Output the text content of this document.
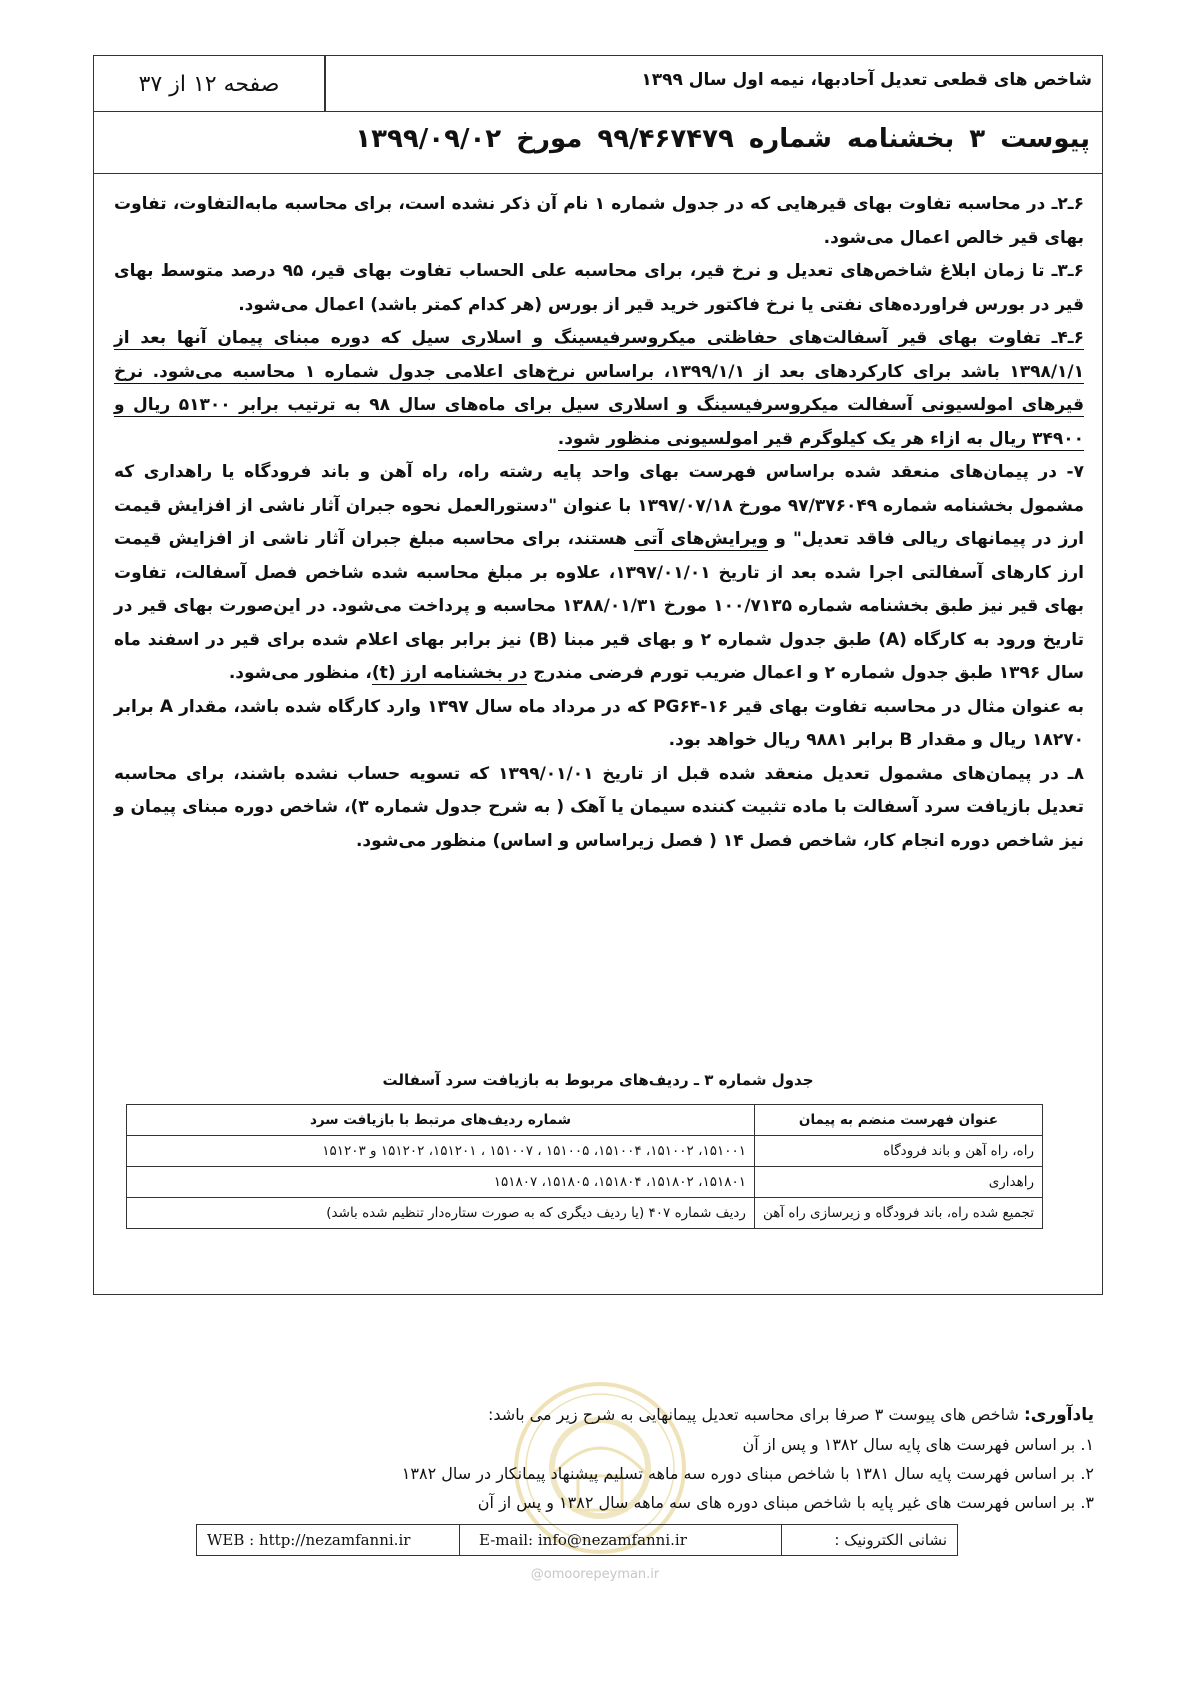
شاخص های قطعی تعدیل آحادبها، نیمه اول سال ۱۳۹۹
صفحه ۱۲ از ۳۷
پیوست ۳ بخشنامه شماره ۹۹/۴۶۷۴۷۹ مورخ ۱۳۹۹/۰۹/۰۲

۶ـ۲ـ در محاسبه تفاوت بهای قیرهایی که در جدول شماره ۱ نام آن ذکر نشده است، برای محاسبه مابه‌التفاوت، تفاوت بهای قیر خالص اعمال می‌شود.

۶ـ۳ـ تا زمان ابلاغ شاخص‌های تعدیل و نرخ قیر، برای محاسبه علی الحساب تفاوت بهای قیر، ۹۵ درصد متوسط بهای قیر در بورس فراورده‌های نفتی یا نرخ فاکتور خرید قیر از بورس (هر کدام کمتر باشد) اعمال می‌شود.

۶ـ۴ـ تفاوت بهای قیر آسفالت‌های حفاظتی میکروسرفیسینگ و اسلاری سیل که دوره مبنای پیمان آنها بعد از ۱۳۹۸/۱/۱ باشد برای کارکردهای بعد از ۱۳۹۹/۱/۱، براساس نرخ‌های اعلامی جدول شماره ۱ محاسبه می‌شود. نرخ قیرهای امولسیونی آسفالت میکروسرفیسینگ و اسلاری سیل برای ماه‌های سال ۹۸ به ترتیب برابر ۵۱۳۰۰ ریال و ۳۴۹۰۰ ریال به ازاء هر یک کیلوگرم قیر امولسیونی منظور شود.

۷- در پیمان‌های منعقد شده براساس فهرست بهای واحد پایه رشته راه، راه آهن و باند فرودگاه یا راهداری که مشمول بخشنامه شماره ۹۷/۳۷۶۰۴۹ مورخ ۱۳۹۷/۰۷/۱۸ با عنوان "دستورالعمل نحوه جبران آثار ناشی از افزایش قیمت ارز در پیمانهای ریالی فاقد تعدیل" و ویرایش‌های آتی هستند، برای محاسبه مبلغ جبران آثار ناشی از افزایش قیمت ارز کارهای آسفالتی اجرا شده بعد از تاریخ ۱۳۹۷/۰۱/۰۱، علاوه بر مبلغ محاسبه شده شاخص فصل آسفالت، تفاوت بهای قیر نیز طبق بخشنامه شماره ۱۰۰/۷۱۳۵ مورخ ۱۳۸۸/۰۱/۳۱ محاسبه و پرداخت می‌شود. در این‌صورت بهای قیر در تاریخ ورود به کارگاه (A) طبق جدول شماره ۲ و بهای قیر مبنا (B) نیز برابر بهای اعلام شده برای قیر در اسفند ماه سال ۱۳۹۶ طبق جدول شماره ۲ و اعمال ضریب تورم فرضی مندرج در بخشنامه ارز (t)، منظور می‌شود.

به عنوان مثال در محاسبه تفاوت بهای قیر PG۶۴-۱۶ که در مرداد ماه سال ۱۳۹۷ وارد کارگاه شده باشد، مقدار A برابر ۱۸۲۷۰ ریال و مقدار B برابر ۹۸۸۱ ریال خواهد بود.

۸ـ در پیمان‌های مشمول تعدیل منعقد شده قبل از تاریخ ۱۳۹۹/۰۱/۰۱ که تسویه حساب نشده باشند، برای محاسبه تعدیل بازیافت سرد آسفالت با ماده تثبیت کننده سیمان یا آهک ( به شرح جدول شماره ۳)، شاخص دوره مبنای پیمان و نیز شاخص دوره انجام کار، شاخص فصل ۱۴ ( فصل زیراساس و اساس) منظور می‌شود.

جدول شماره ۳ ـ ردیف‌های مربوط به بازیافت سرد آسفالت
عنوان فهرست منضم به پیمان	شماره ردیف‌های مرتبط با بازیافت سرد
راه، راه آهن و باند فرودگاه	۱۵۱۰۰۱، ۱۵۱۰۰۲، ۱۵۱۰۰۴، ۱۵۱۰۰۵ ، ۱۵۱۰۰۷ ، ۱۵۱۲۰۱، ۱۵۱۲۰۲ و ۱۵۱۲۰۳
راهداری	۱۵۱۸۰۱، ۱۵۱۸۰۲، ۱۵۱۸۰۴، ۱۵۱۸۰۵، ۱۵۱۸۰۷
تجمیع شده راه، باند فرودگاه و زیرسازی راه آهن	ردیف شماره ۴۰۷ (یا ردیف دیگری که به صورت ستاره‌دار تنظیم شده باشد)
یادآوری: شاخص های پیوست ۳ صرفا برای محاسبه تعدیل پیمانهایی به شرح زیر می باشد:
۱. بر اساس فهرست های پایه سال ۱۳۸۲ و پس از آن
۲. بر اساس فهرست پایه سال ۱۳۸۱ با شاخص مبنای دوره سه ماهه تسلیم پیشنهاد پیمانکار در سال ۱۳۸۲
۳. بر اساس فهرست های غیر پایه با شاخص مبنای دوره های سه ماهه سال ۱۳۸۲ و پس از آن
نشانی الکترونیک :
E-mail: info@nezamfanni.ir
WEB : http://nezamfanni.ir
@omoorepeyman.ir
